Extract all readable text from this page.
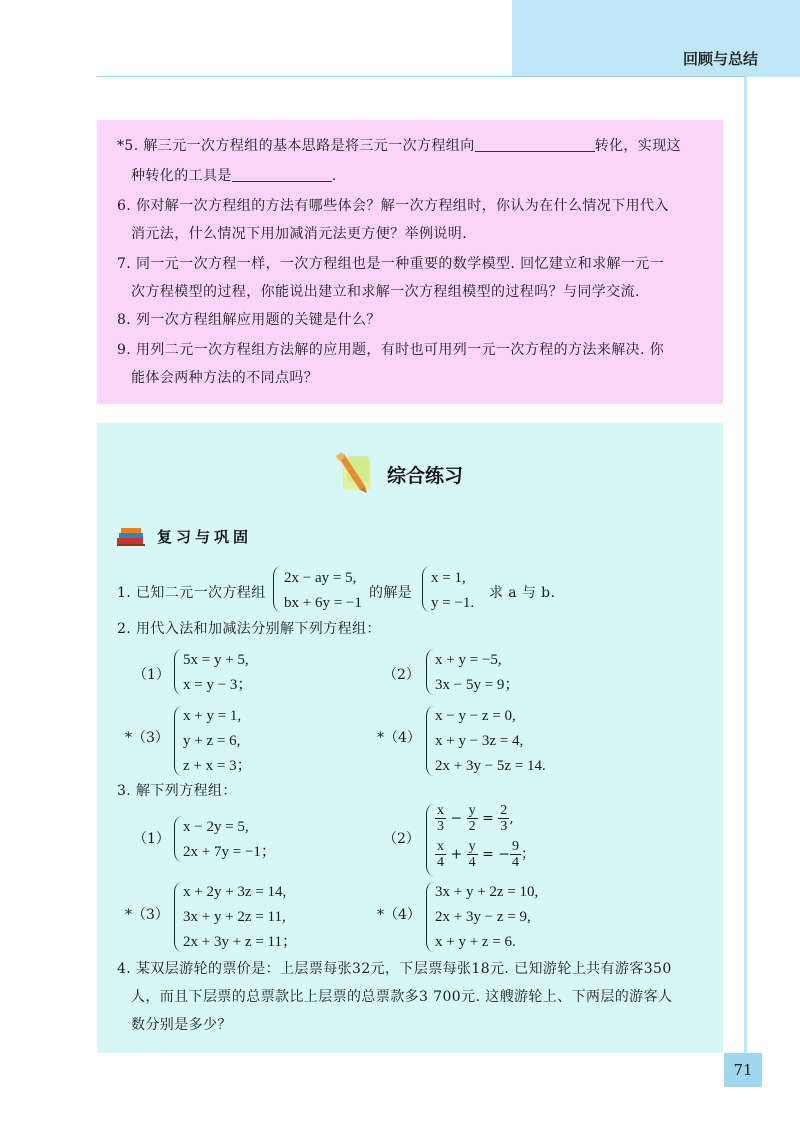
回顾与总结

*5. 解三元一次方程组的基本思路是将三元一次方程组向	转化，实现这

种转化的工具是	.

6. 你对解一次方程组的方法有哪些体会？解一次方程组时，你认为在什么情况下用代入

消元法，什么情况下用加减消元法更方便？举例说明.

7. 同一元一次方程一样，一次方程组也是一种重要的数学模型. 回忆建立和求解一元一

次方程模型的过程，你能说出建立和求解一次方程组模型的过程吗？与同学交流.

8. 列一次方程组解应用题的关键是什么？

9. 用列二元一次方程组方法解的应用题，有时也可用列一元一次方程的方法来解决. 你

能体会两种方法的不同点吗？

综合练习
复习与巩固
1. 已知二元一次方程组
2x − ay = 5,
bx + 6y = −1
的解是
x = 1,
y = −1.
求 a 与 b.
2. 用代入法和加减法分别解下列方程组：
（1）
5x = y + 5,
x = y − 3；
（2）
x + y = −5,
3x − 5y = 9；
*（3）
x + y = 1,
y + z = 6,
z + x = 3；
*（4）
x − y − z = 0,
x + y − 3z = 4,
2x + 3y − 5z = 14.
3. 解下列方程组：
（1）
x − 2y = 5,
2x + 7y = −1；
（2）
$\frac{x}{3} - \frac{y}{2} = \frac{2}{3}$ ,
$\frac{x}{4} + \frac{y}{4}$ = − $\frac{9}{4}$ ；
*（3）
x + 2y + 3z = 14,
3x + y + 2z = 11,
2x + 3y + z = 11；
*（4）
3x + y + 2z = 10,
2x + 3y − z = 9,
x + y + z = 6.
4. 某双层游轮的票价是：上层票每张32元，下层票每张18元. 已知游轮上共有游客350
人，而且下层票的总票款比上层票的总票款多3 700元. 这艘游轮上、下两层的游客人
数分别是多少？
71
